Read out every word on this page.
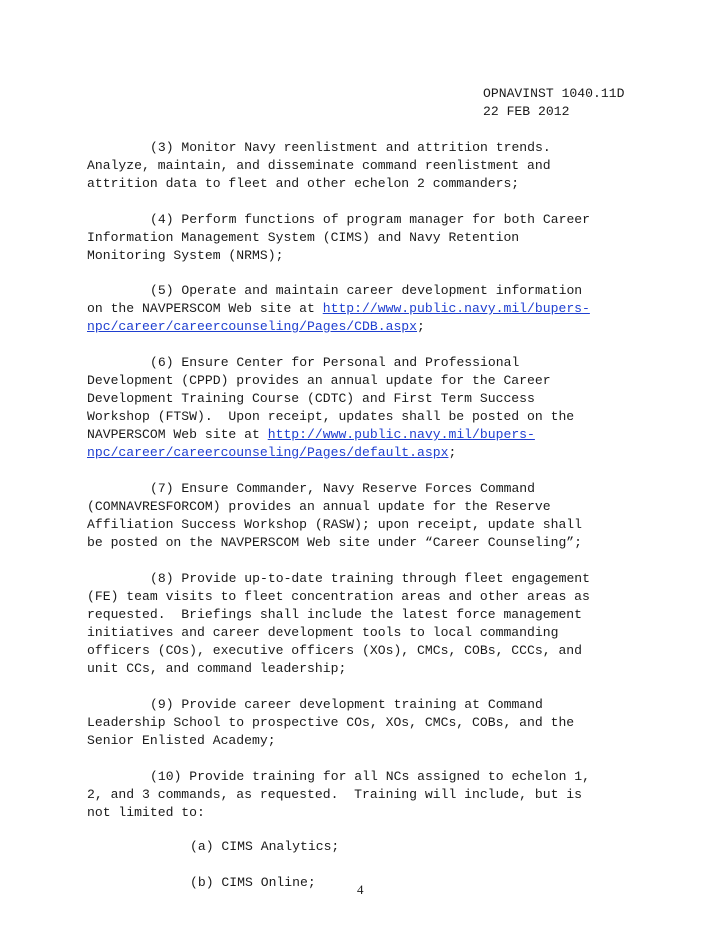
OPNAVINST 1040.11D
22 FEB 2012
(3) Monitor Navy reenlistment and attrition trends.
Analyze, maintain, and disseminate command reenlistment and
attrition data to fleet and other echelon 2 commanders;
(4) Perform functions of program manager for both Career
Information Management System (CIMS) and Navy Retention
Monitoring System (NRMS);
(5) Operate and maintain career development information
on the NAVPERSCOM Web site at http://www.public.navy.mil/bupers-
npc/career/careercounseling/Pages/CDB.aspx;
(6) Ensure Center for Personal and Professional
Development (CPPD) provides an annual update for the Career
Development Training Course (CDTC) and First Term Success
Workshop (FTSW).  Upon receipt, updates shall be posted on the
NAVPERSCOM Web site at http://www.public.navy.mil/bupers-
npc/career/careercounseling/Pages/default.aspx;
(7) Ensure Commander, Navy Reserve Forces Command
(COMNAVRESFORCOM) provides an annual update for the Reserve
Affiliation Success Workshop (RASW); upon receipt, update shall
be posted on the NAVPERSCOM Web site under “Career Counseling”;
(8) Provide up-to-date training through fleet engagement
(FE) team visits to fleet concentration areas and other areas as
requested.  Briefings shall include the latest force management
initiatives and career development tools to local commanding
officers (COs), executive officers (XOs), CMCs, COBs, CCCs, and
unit CCs, and command leadership;
(9) Provide career development training at Command
Leadership School to prospective COs, XOs, CMCs, COBs, and the
Senior Enlisted Academy;
(10) Provide training for all NCs assigned to echelon 1,
2, and 3 commands, as requested.  Training will include, but is
not limited to:
(a) CIMS Analytics;
(b) CIMS Online;	4
